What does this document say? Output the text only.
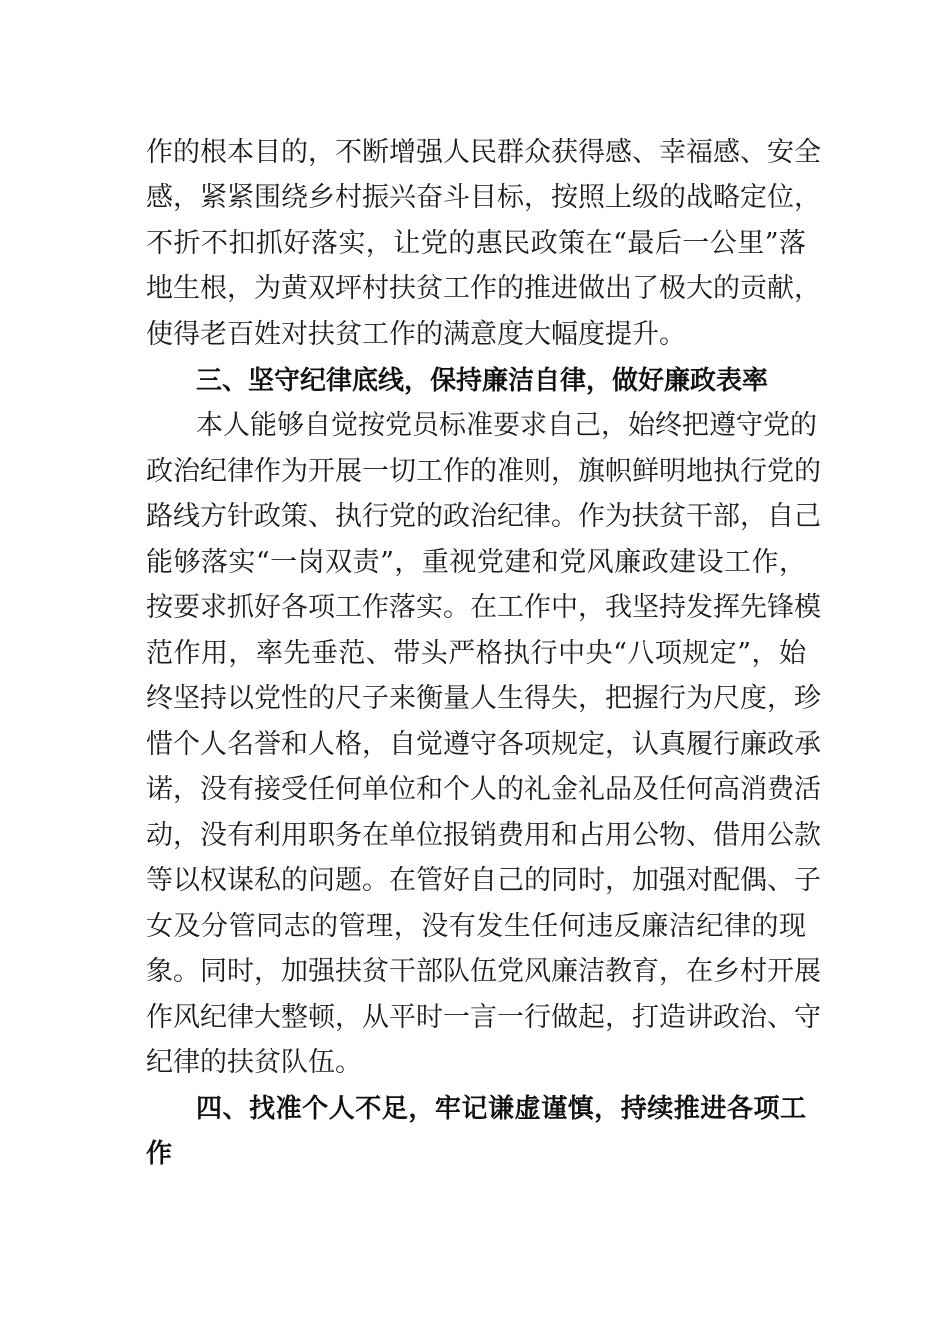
作的根本目的，不断增强人民群众获得感、幸福感、安全
感，紧紧围绕乡村振兴奋斗目标，按照上级的战略定位，
不折不扣抓好落实，让党的惠民政策在“最后一公里”落
地生根，为黄双坪村扶贫工作的推进做出了极大的贡献，
使得老百姓对扶贫工作的满意度大幅度提升。
三、坚守纪律底线，保持廉洁自律，做好廉政表率
本人能够自觉按党员标准要求自己，始终把遵守党的
政治纪律作为开展一切工作的准则，旗帜鲜明地执行党的
路线方针政策、执行党的政治纪律。作为扶贫干部，自己
能够落实“一岗双责”，重视党建和党风廉政建设工作，
按要求抓好各项工作落实。在工作中，我坚持发挥先锋模
范作用，率先垂范、带头严格执行中央“八项规定”，始
终坚持以党性的尺子来衡量人生得失，把握行为尺度，珍
惜个人名誉和人格，自觉遵守各项规定，认真履行廉政承
诺，没有接受任何单位和个人的礼金礼品及任何高消费活
动，没有利用职务在单位报销费用和占用公物、借用公款
等以权谋私的问题。在管好自己的同时，加强对配偶、子
女及分管同志的管理，没有发生任何违反廉洁纪律的现
象。同时，加强扶贫干部队伍党风廉洁教育，在乡村开展
作风纪律大整顿，从平时一言一行做起，打造讲政治、守
纪律的扶贫队伍。
四、找准个人不足，牢记谦虚谨慎，持续推进各项工
作
